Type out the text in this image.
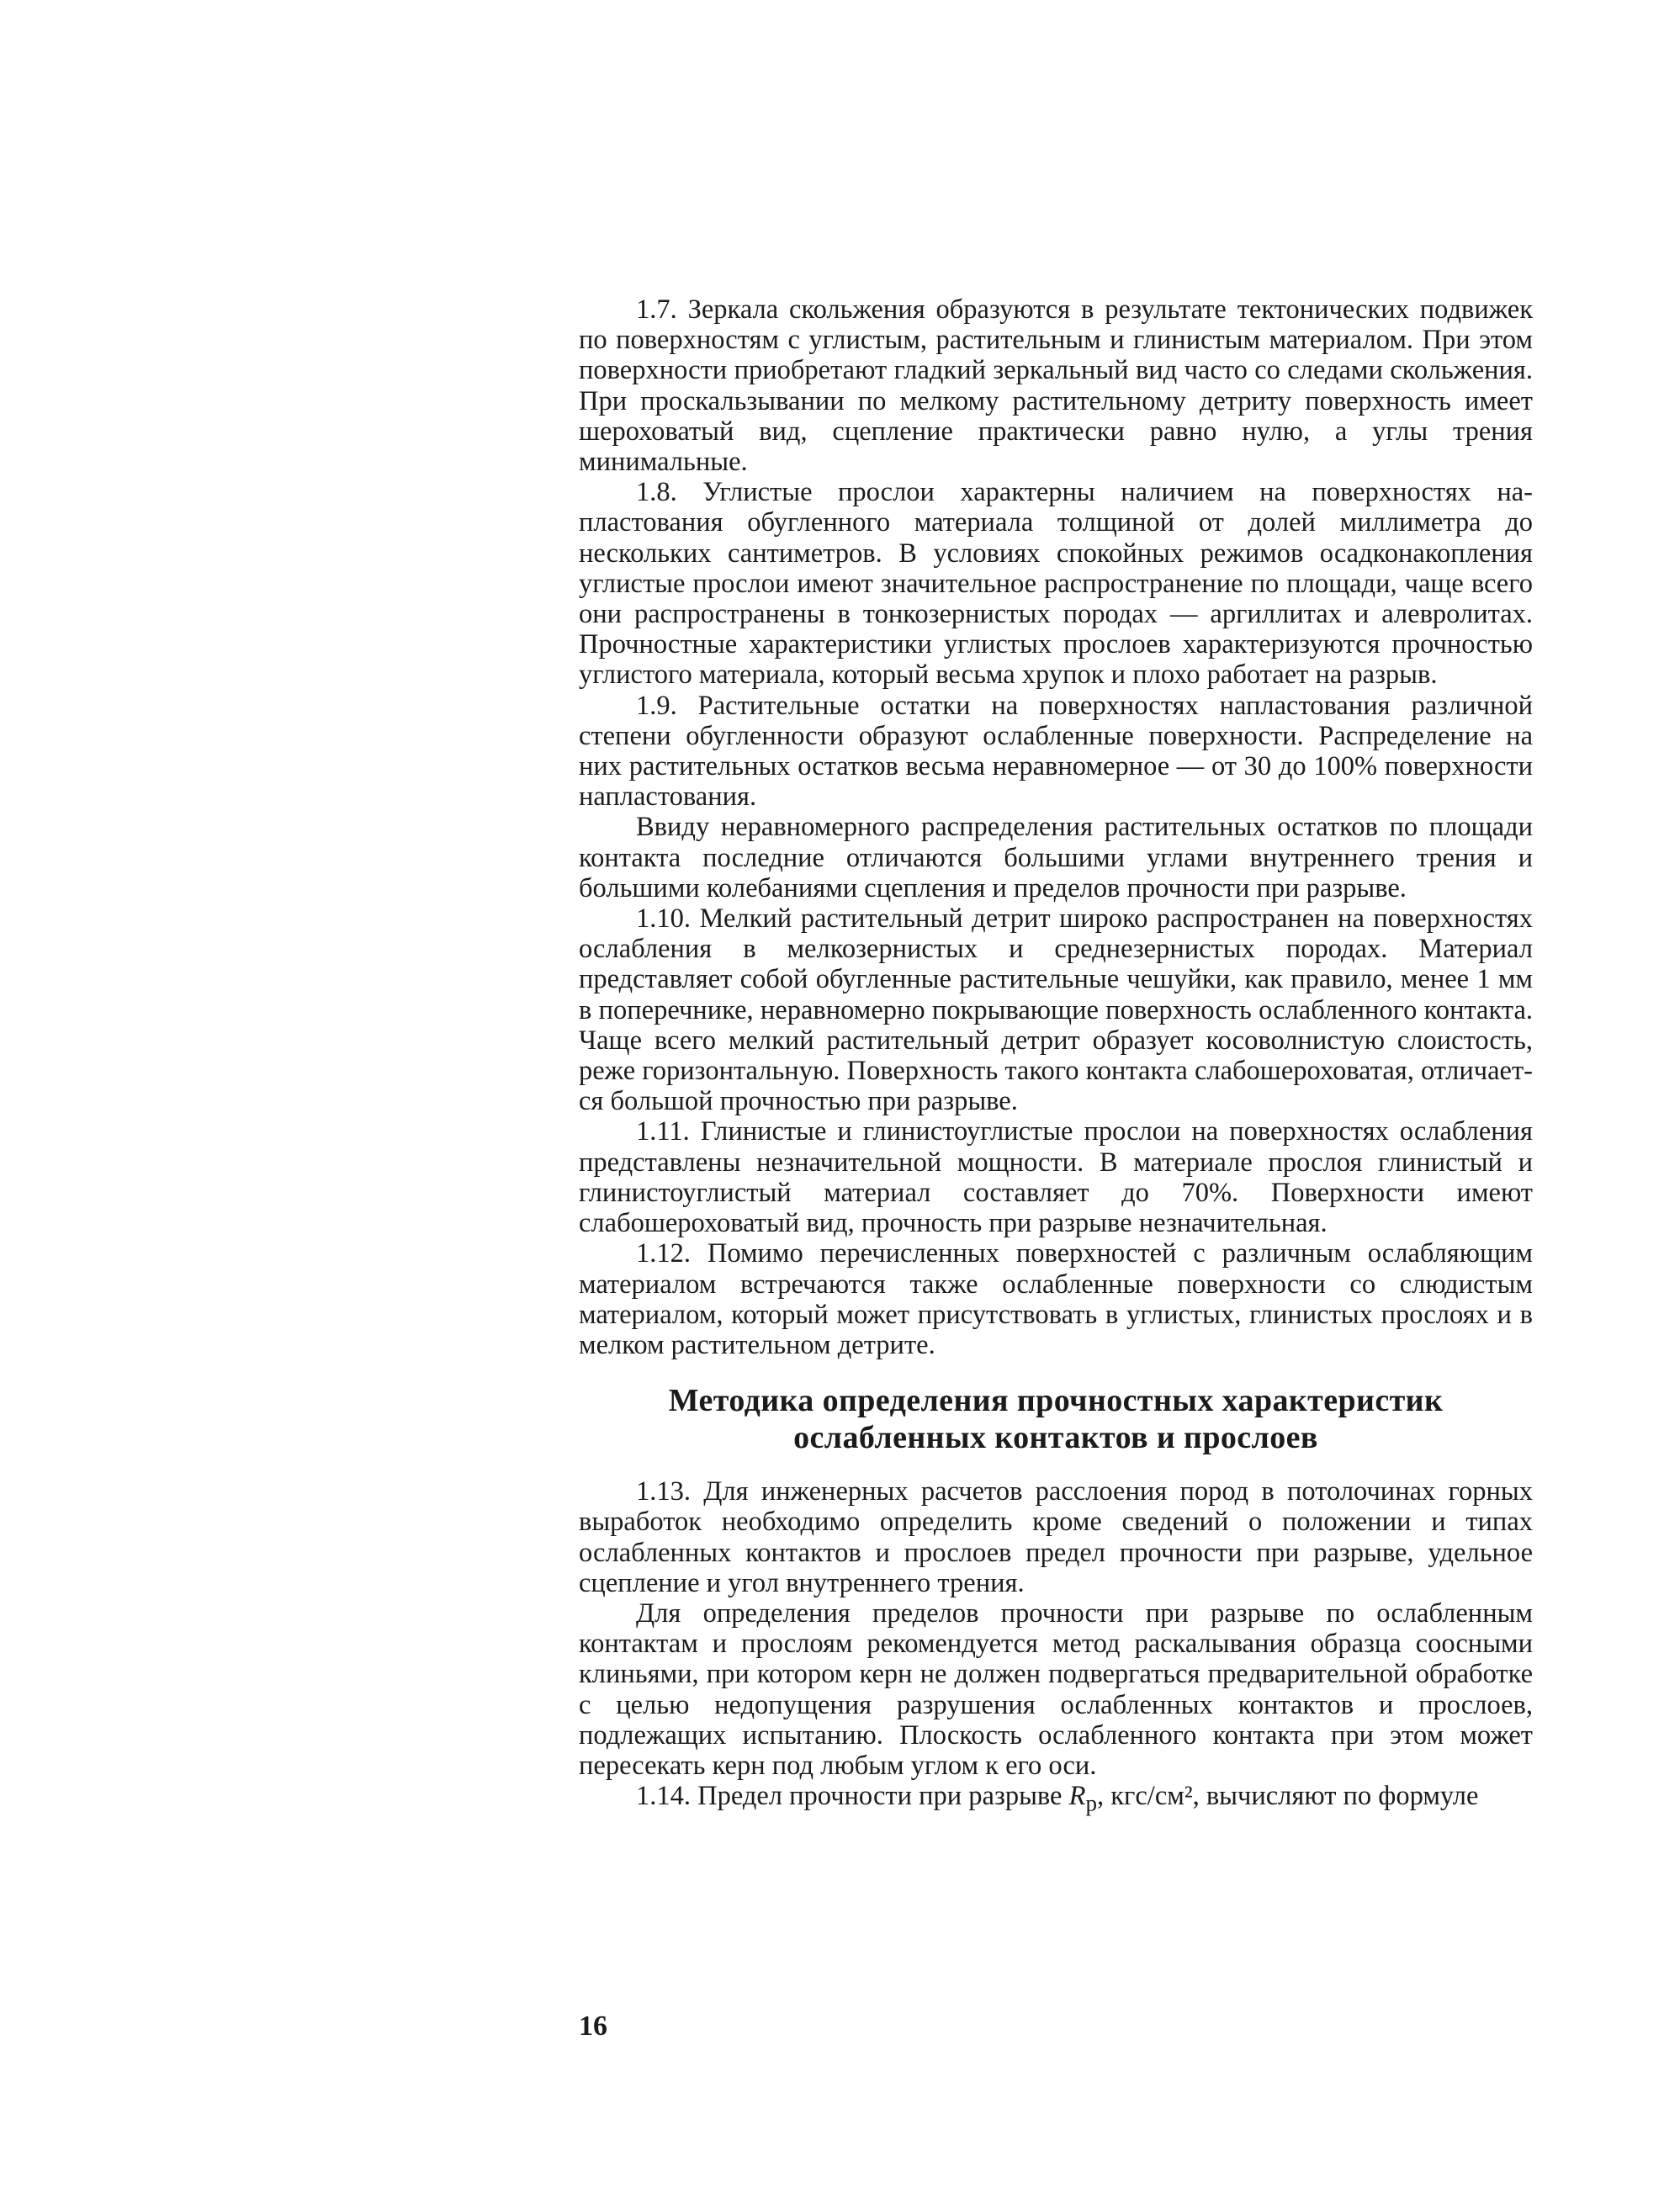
1.7. Зеркала скольжения образуются в результате тектонических подвижек по поверхностям с углистым, растительным и глинистым материалом. При этом поверхности приобретают гладкий зеркальный вид часто со следами скольжения. При проскальзывании по мелкому растительному детриту поверхность имеет шероховатый вид, сцепление практически равно нулю, а углы трения минимальные.

1.8. Углистые прослои характерны наличием на поверхностях напластования обугленного материала толщиной от долей миллиметра до нескольких сантиметров. В условиях спокойных режимов осадконакопления углистые прослои имеют значительное распространение по площади, чаще всего они распространены в тонкозернистых породах — аргиллитах и алевролитах. Прочностные характеристики углистых прослоев характеризуются прочностью углистого материала, который весьма хрупок и плохо работает на разрыв.

1.9. Растительные остатки на поверхностях напластования различной степени обугленности образуют ослабленные поверхности. Распределение на них растительных остатков весьма неравномерное — от 30 до 100% поверхности напластования.

Ввиду неравномерного распределения растительных остатков по площади контакта последние отличаются большими углами внутреннего трения и большими колебаниями сцепления и пределов прочности при разрыве.

1.10. Мелкий растительный детрит широко распространен на поверхностях ослабления в мелкозернистых и среднезернистых породах. Материал представляет собой обугленные растительные чешуйки, как правило, менее 1 мм в поперечнике, неравномерно покрывающие поверхность ослабленного контакта. Чаще всего мелкий растительный детрит образует косоволнистую слоистость, реже горизонтальную. Поверхность такого контакта слабошероховатая, отличается большой прочностью при разрыве.

1.11. Глинистые и глинистоуглистые прослои на поверхностях ослабления представлены незначительной мощности. В материале прослоя глинистый и глинистоуглистый материал составляет до 70%. Поверхности имеют слабошероховатый вид, прочность при разрыве незначительная.

1.12. Помимо перечисленных поверхностей с различным ослабляющим материалом встречаются также ослабленные поверхности со слюдистым материалом, который может присутствовать в углистых, глинистых прослоях и в мелком растительном детрите.

Методика определения прочностных характеристик
ослабленных контактов и прослоев

1.13. Для инженерных расчетов расслоения пород в потолочинах горных выработок необходимо определить кроме сведений о положении и типах ослабленных контактов и прослоев предел прочности при разрыве, удельное сцепление и угол внутреннего трения.

Для определения пределов прочности при разрыве по ослабленным контактам и прослоям рекомендуется метод раскалывания образца соосными клиньями, при котором керн не должен подвергаться предварительной обработке с целью недопущения разрушения ослабленных контактов и прослоев, подлежащих испытанию. Плоскость ослабленного контакта при этом может пересекать керн под любым углом к его оси.

1.14. Предел прочности при разрыве $R_р$, кгс/см², вычисляют по формуле

16
